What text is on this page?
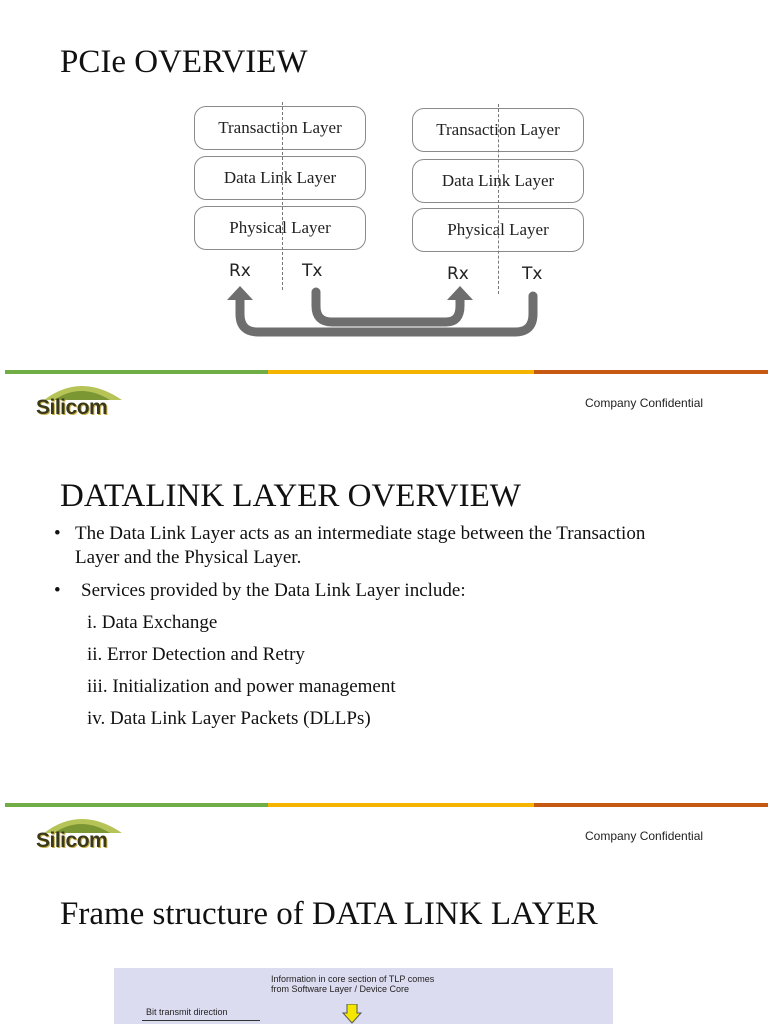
PCIe OVERVIEW
Transaction Layer
Data Link Layer
Physical Layer
Transaction Layer
Data Link Layer
Physical Layer
Rx	Tx	Rx	Tx
Silicom	Company Confidential
DATALINK LAYER OVERVIEW
• The Data Link Layer acts as an intermediate stage between the Transaction Layer and the Physical Layer.
• Services provided by the Data Link Layer include:
i. Data Exchange
ii. Error Detection and Retry
iii. Initialization and power management
iv. Data Link Layer Packets (DLLPs)
Silicom	Company Confidential
Frame structure of DATA LINK LAYER
Information in core section of TLP comes
from Software Layer / Device Core
Bit transmit direction
